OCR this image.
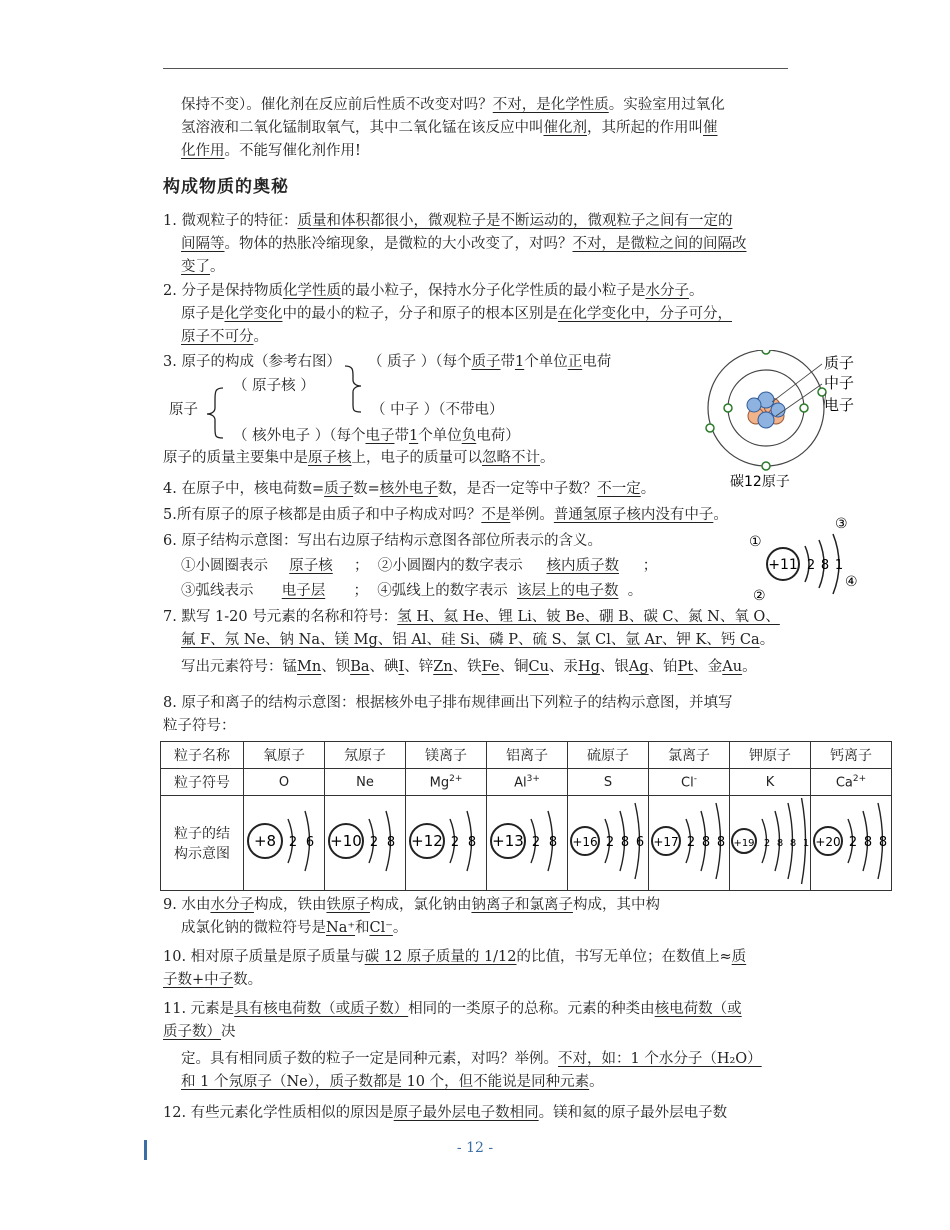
保持不变）。催化剂在反应前后性质不改变对吗？不对，是化学性质。实验室用过氧化
氢溶液和二氧化锰制取氧气，其中二氧化锰在该反应中叫催化剂，其所起的作用叫催
化作用。不能写催化剂作用!
构成物质的奥秘
1. 微观粒子的特征：质量和体积都很小，微观粒子是不断运动的，微观粒子之间有一定的
间隔等。物体的热胀冷缩现象，是微粒的大小改变了，对吗？不对，是微粒之间的间隔改
变了。
2. 分子是保持物质化学性质的最小粒子，保持水分子化学性质的最小粒子是水分子。
原子是化学变化中的最小的粒子，分子和原子的根本区别是在化学变化中，分子可分，
原子不可分。
3. 原子的构成（参考右图） （ 质子 ）（每个质子带1个单位正电荷
（ 原子核 ）
（ 中子 ）（不带电）
原子
（ 核外电子 ）（每个电子带1个单位负电荷）
原子的质量主要集中是原子核上，电子的质量可以忽略不计。
质子
中子
电子
碳12原子
4. 在原子中，核电荷数=质子数=核外电子数，是否一定等中子数？不一定。
5.所有原子的原子核都是由质子和中子构成对吗？不是举例。普通氢原子核内没有中子。
6. 原子结构示意图：写出右边原子结构示意图各部位所表示的含义。
①小圆圈表示 原子核 ； ②小圆圈内的数字表示 核内质子数 ；
③弧线表示 电子层 ； ④弧线上的数字表示 该层上的电子数 。
+11 2 8 1
①
②
③
④
7. 默写 1-20 号元素的名称和符号：氢 H、氦 He、锂 Li、铍 Be、硼 B、碳 C、氮 N、氧 O、
氟 F、氖 Ne、钠 Na、镁 Mg、铝 Al、硅 Si、磷 P、硫 S、氯 Cl、氩 Ar、钾 K、钙 Ca。
写出元素符号：锰Mn、钡Ba、碘I、锌Zn、铁Fe、铜Cu、汞Hg、银Ag、铂Pt、金Au。
8. 原子和离子的结构示意图：根据核外电子排布规律画出下列粒子的结构示意图，并填写
粒子符号：
粒子名称	氧原子	氖原子	镁离子	铝离子	硫原子	氯离子	钾原子	钙离子
粒子符号	O	Ne	$Mg^{2+}$	$Al^{3+}$	S	Cl-	K	$Ca^{2+}$
粒子的结
构示意图	+8 2 6	+10 2 8	+12 2 8	+13 2 8	+16 2 8 6	+17 2 8 8	+19 2 8 8 1	+20 2 8 8
9. 水由水分子构成，铁由铁原子构成，氯化钠由钠离子和氯离子构成，其中构
成氯化钠的微粒符号是Na⁺和Cl⁻。
10. 相对原子质量是原子质量与碳 12 原子质量的 1/12的比值，书写无单位；在数值上≈质
子数+中子数。
11. 元素是具有核电荷数（或质子数）相同的一类原子的总称。元素的种类由核电荷数（或
质子数）决
定。具有相同质子数的粒子一定是同种元素，对吗？举例。不对，如：1 个水分子（H₂O）
和 1 个氖原子（Ne），质子数都是 10 个，但不能说是同种元素。
12. 有些元素化学性质相似的原因是原子最外层电子数相同。镁和氦的原子最外层电子数
- 12 -
